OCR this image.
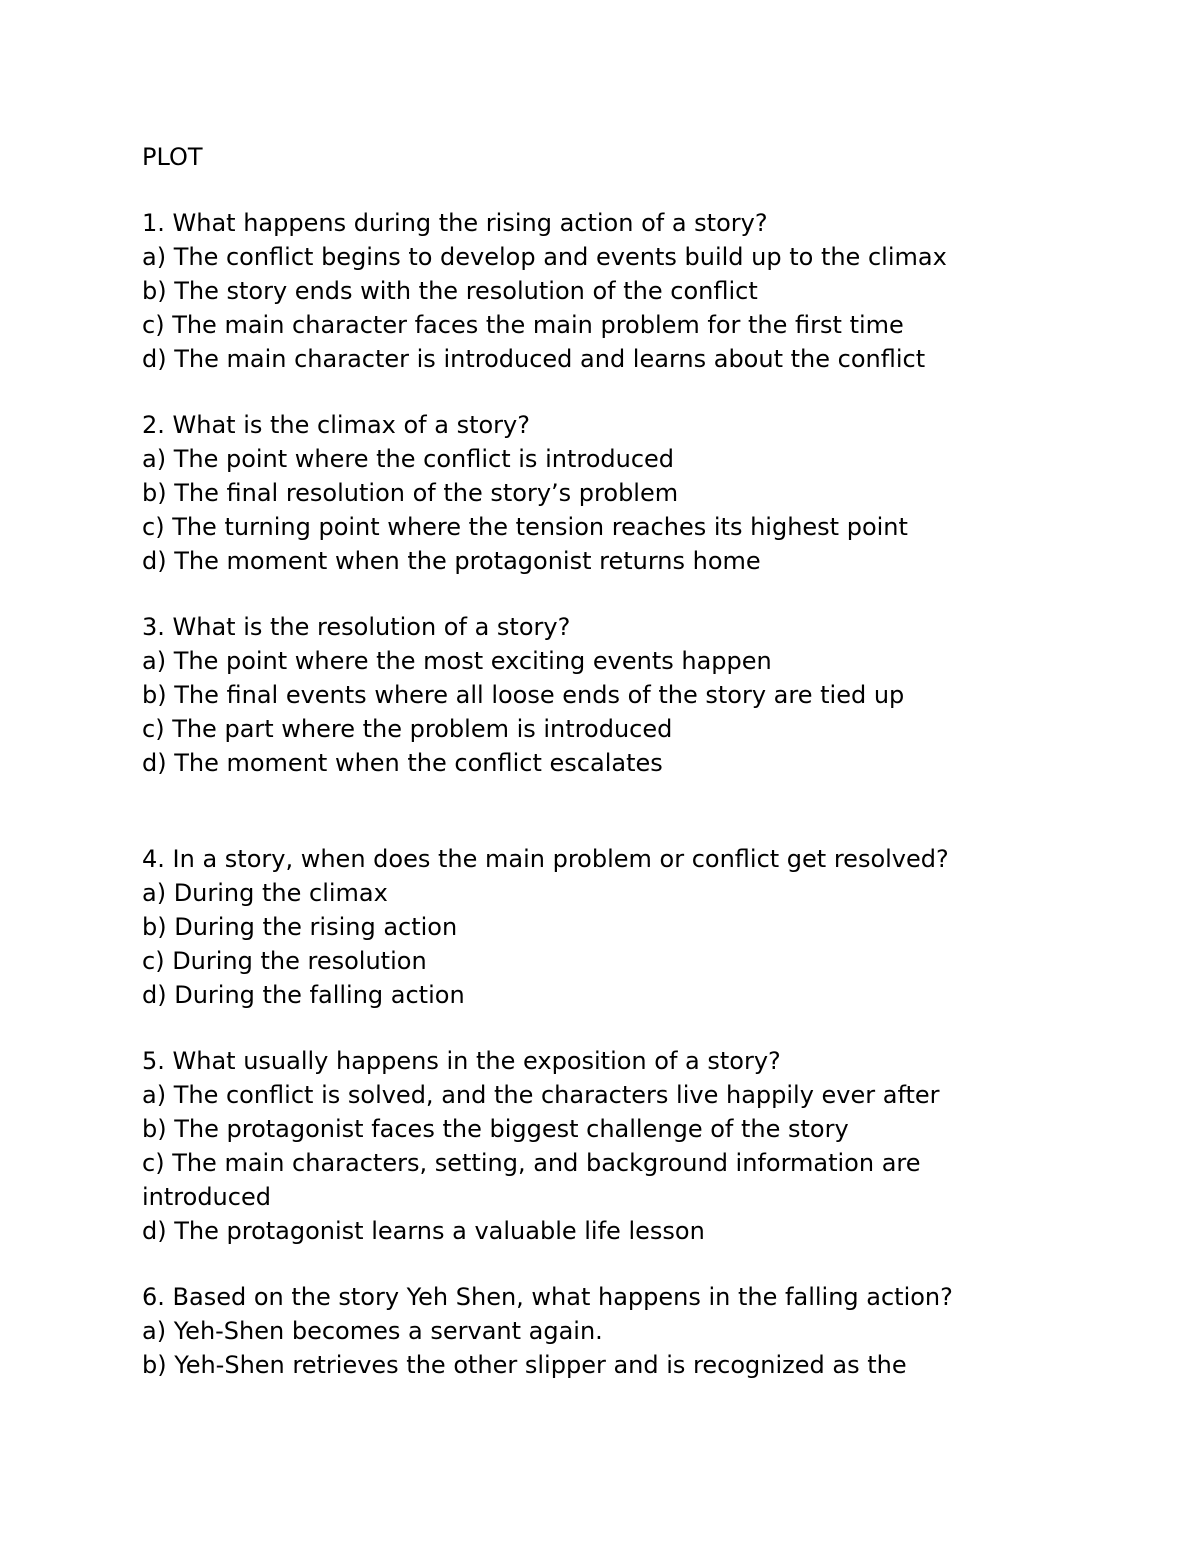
PLOT

1. What happens during the rising action of a story?

a) The conflict begins to develop and events build up to the climax

b) The story ends with the resolution of the conflict

c) The main character faces the main problem for the first time

d) The main character is introduced and learns about the conflict

2. What is the climax of a story?

a) The point where the conflict is introduced

b) The final resolution of the story’s problem

c) The turning point where the tension reaches its highest point

d) The moment when the protagonist returns home

3. What is the resolution of a story?

a) The point where the most exciting events happen

b) The final events where all loose ends of the story are tied up

c) The part where the problem is introduced

d) The moment when the conflict escalates

4. In a story, when does the main problem or conflict get resolved?

a) During the climax

b) During the rising action

c) During the resolution

d) During the falling action

5. What usually happens in the exposition of a story?

a) The conflict is solved, and the characters live happily ever after

b) The protagonist faces the biggest challenge of the story

c) The main characters, setting, and background information are introduced

d) The protagonist learns a valuable life lesson

6. Based on the story Yeh Shen, what happens in the falling action?

a) Yeh-Shen becomes a servant again.

b) Yeh-Shen retrieves the other slipper and is recognized as the
